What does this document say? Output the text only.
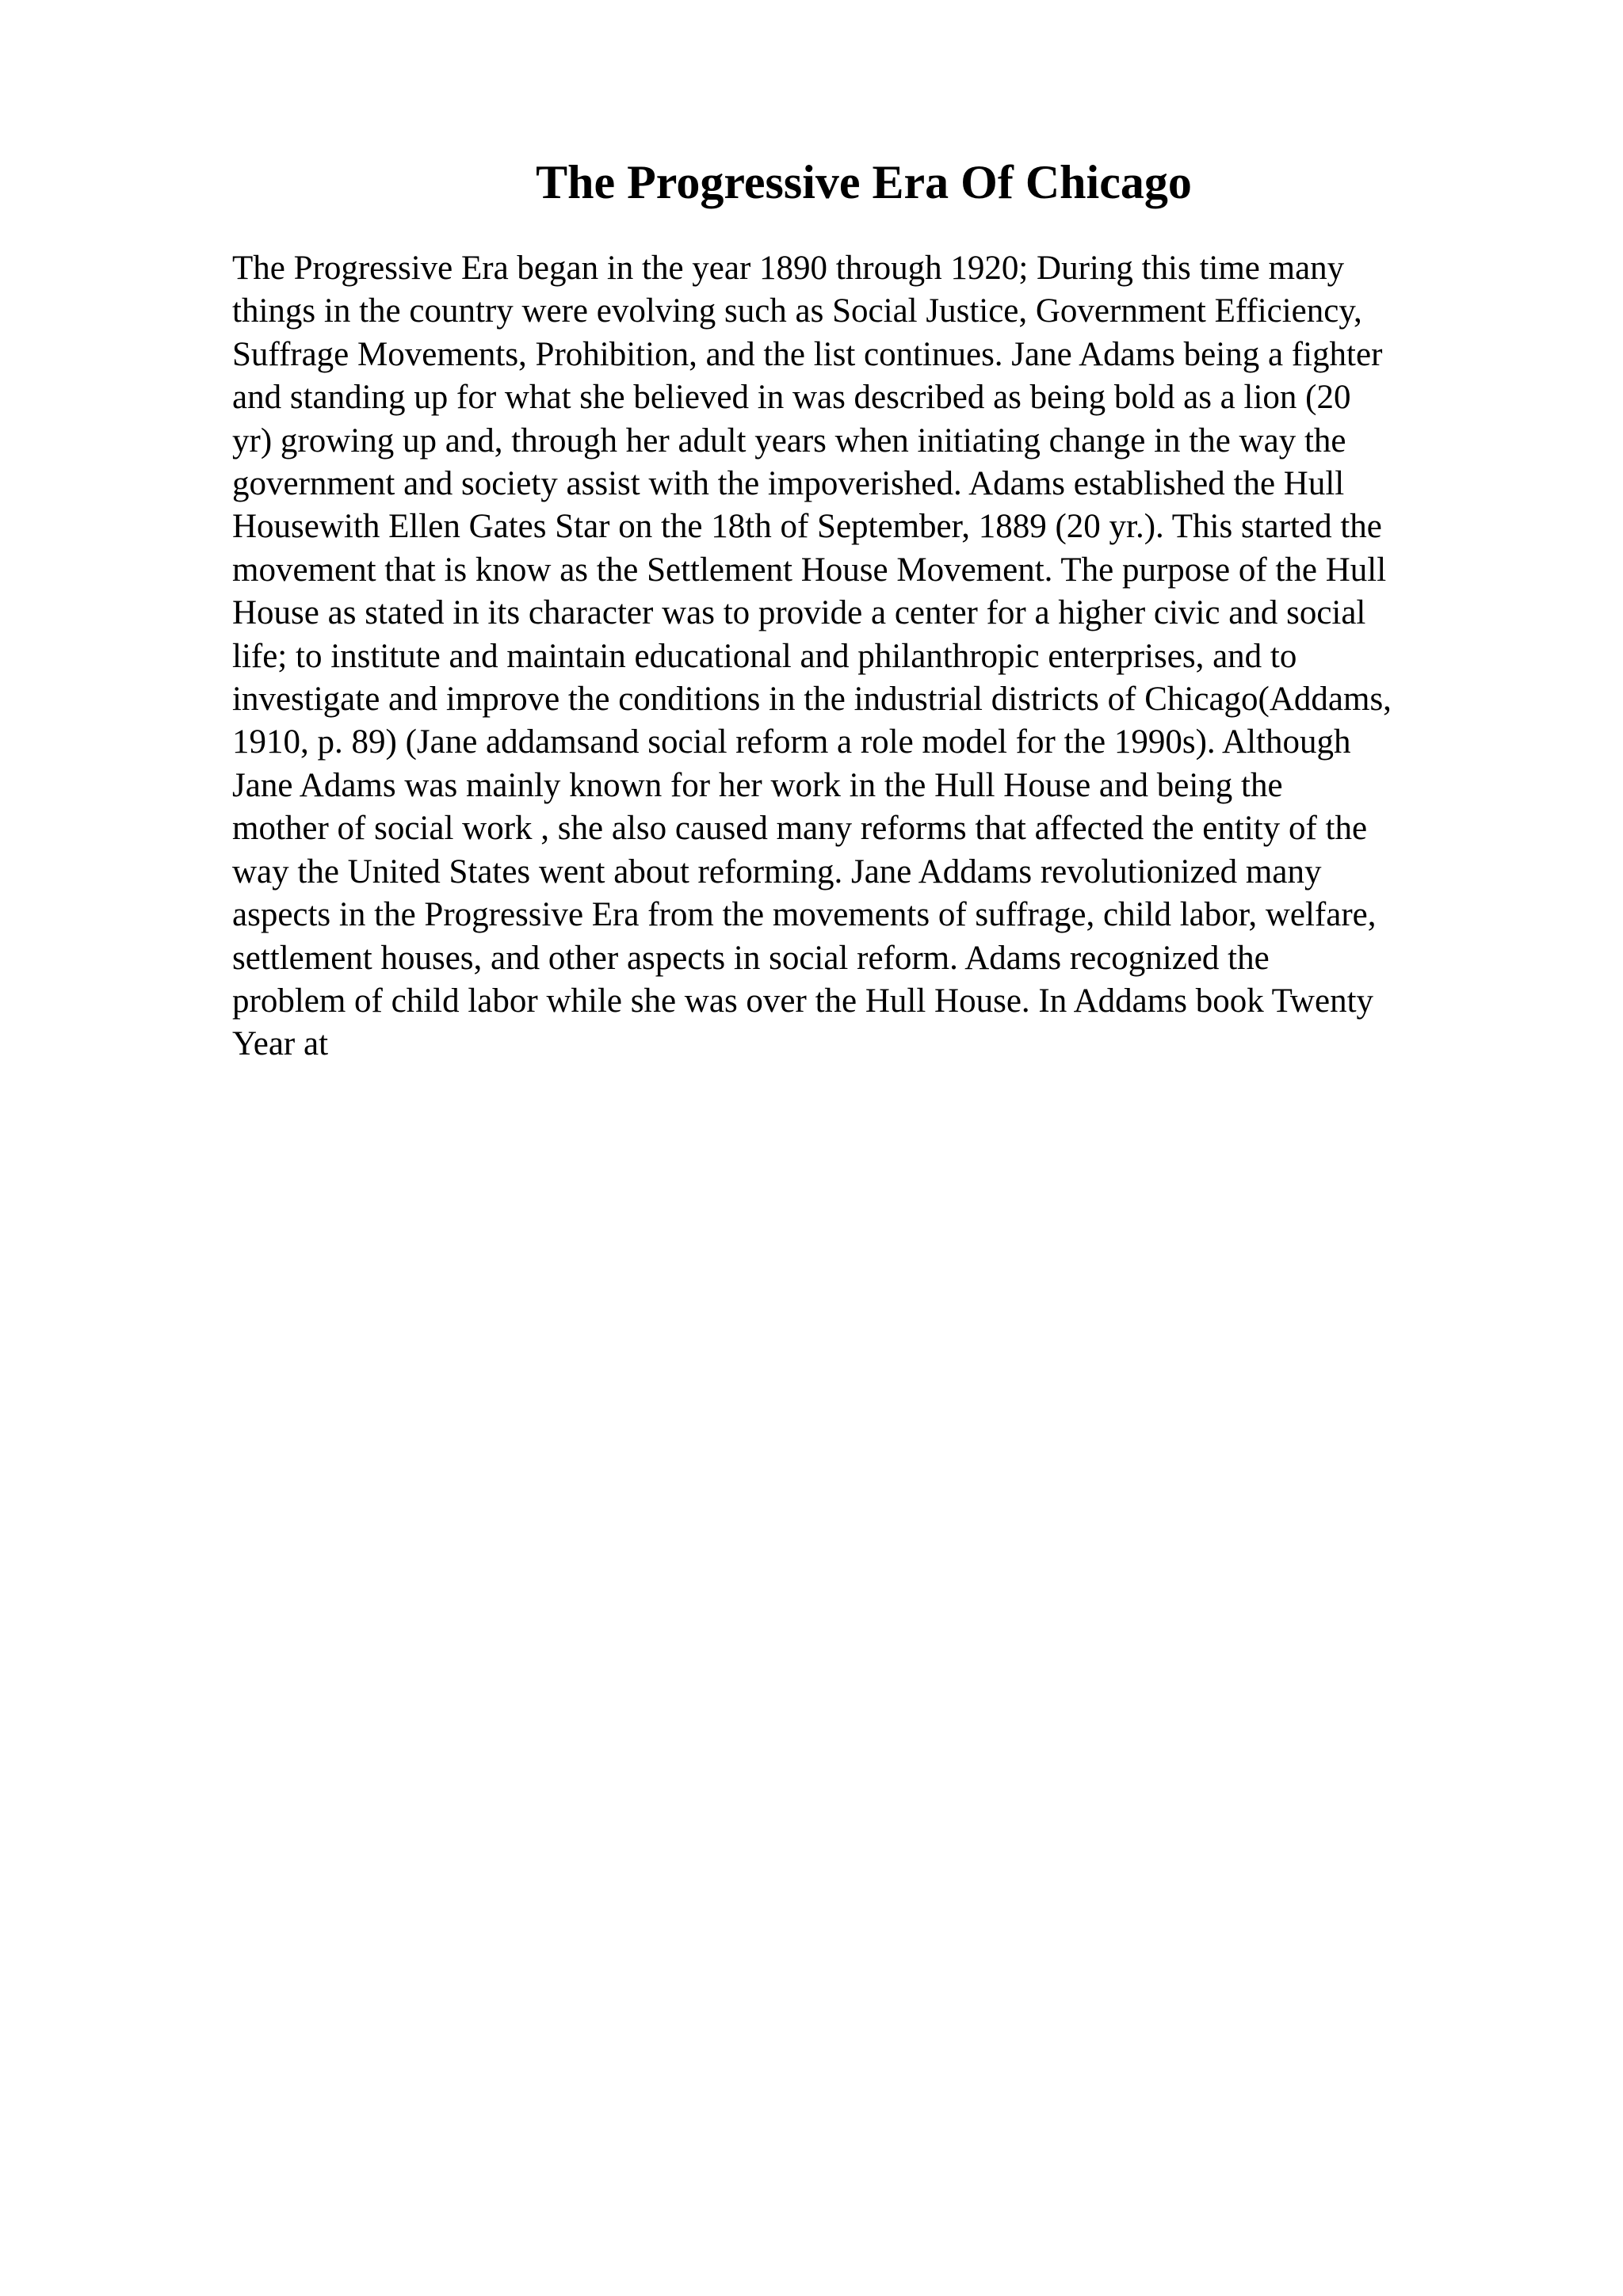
The Progressive Era Of Chicago
The Progressive Era began in the year 1890 through 1920; During this time many
things in the country were evolving such as Social Justice, Government Efficiency,
Suffrage Movements, Prohibition, and the list continues. Jane Adams being a fighter
and standing up for what she believed in was described as being bold as a lion (20
yr) growing up and, through her adult years when initiating change in the way the
government and society assist with the impoverished. Adams established the Hull
Housewith Ellen Gates Star on the 18th of September, 1889 (20 yr.). This started the
movement that is know as the Settlement House Movement. The purpose of the Hull
House as stated in its character was to provide a center for a higher civic and social
life; to institute and maintain educational and philanthropic enterprises, and to
investigate and improve the conditions in the industrial districts of Chicago(Addams,
1910, p. 89) (Jane addamsand social reform a role model for the 1990s). Although
Jane Adams was mainly known for her work in the Hull House and being the
mother of social work , she also caused many reforms that affected the entity of the
way the United States went about reforming. Jane Addams revolutionized many
aspects in the Progressive Era from the movements of suffrage, child labor, welfare,
settlement houses, and other aspects in social reform. Adams recognized the
problem of child labor while she was over the Hull House. In Addams book Twenty
Year at
